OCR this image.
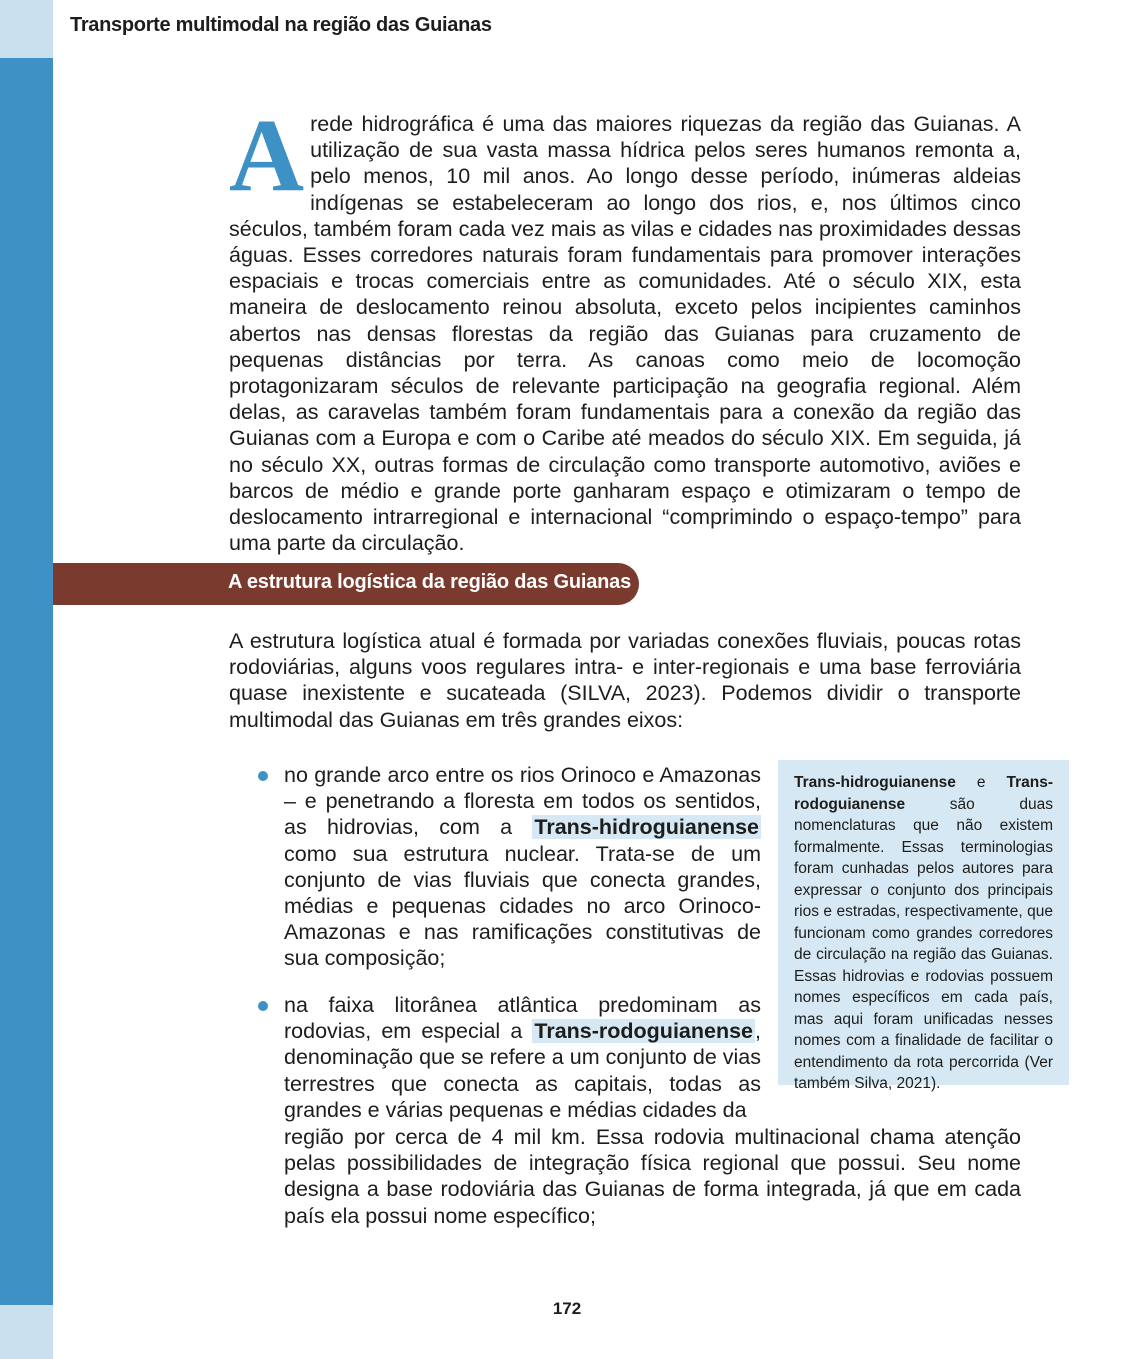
Transporte multimodal na região das Guianas

Arede hidrográfica é uma das maiores riquezas da região das Guianas. A utilização de sua vasta massa hídrica pelos seres humanos remonta a, pelo menos, 10 mil anos. Ao longo desse período, inúmeras aldeias indígenas se estabeleceram ao longo dos rios, e, nos últimos cinco séculos, também foram cada vez mais as vilas e cidades nas proximidades dessas águas. Esses corredores naturais foram fundamentais para promover interações espaciais e trocas comerciais entre as comunidades. Até o século XIX, esta maneira de deslocamento reinou absoluta, exceto pelos incipientes caminhos abertos nas densas florestas da região das Guianas para cruzamento de pequenas distâncias por terra. As canoas como meio de locomoção protagonizaram séculos de relevante participação na geografia regional. Além delas, as caravelas também foram fundamentais para a conexão da região das Guianas com a Europa e com o Caribe até meados do século XIX. Em seguida, já no século XX, outras formas de circulação como transporte automotivo, aviões e barcos de médio e grande porte ganharam espaço e otimizaram o tempo de deslocamento intrarregional e internacional “comprimindo o espaço-tempo” para uma parte da circulação.

A estrutura logística da região das Guianas

A estrutura logística atual é formada por variadas conexões fluviais, poucas rotas rodoviárias, alguns voos regulares intra- e inter-regionais e uma base ferroviária quase inexistente e sucateada (SILVA, 2023). Podemos dividir o transporte multimodal das Guianas em três grandes eixos:

no grande arco entre os rios Orinoco e Amazonas – e penetrando a floresta em todos os sentidos, as hidrovias, com a Trans-hidroguianense como sua estrutura nuclear. Trata-se de um conjunto de vias fluviais que conecta grandes, médias e pequenas cidades no arco Orinoco-Amazonas e nas ramificações constitutivas de sua composição;

na faixa litorânea atlântica predominam as rodovias, em especial a Trans-rodoguianense, denominação que se refere a um conjunto de vias terrestres que conecta as capitais, todas as grandes e várias pequenas e médias cidades da

região por cerca de 4 mil km. Essa rodovia multinacional chama atenção pelas possibilidades de integração física regional que possui. Seu nome designa a base rodoviária das Guianas de forma integrada, já que em cada país ela possui nome específico;

Trans-hidroguianense e Trans-rodoguianense são duas nomenclaturas que não existem formalmente. Essas terminologias foram cunhadas pelos autores para expressar o conjunto dos principais rios e estradas, respectivamente, que funcionam como grandes corredores de circulação na região das Guianas. Essas hidrovias e rodovias possuem nomes específicos em cada país, mas aqui foram unificadas nesses nomes com a finalidade de facilitar o entendimento da rota percorrida (Ver também Silva, 2021).

172
